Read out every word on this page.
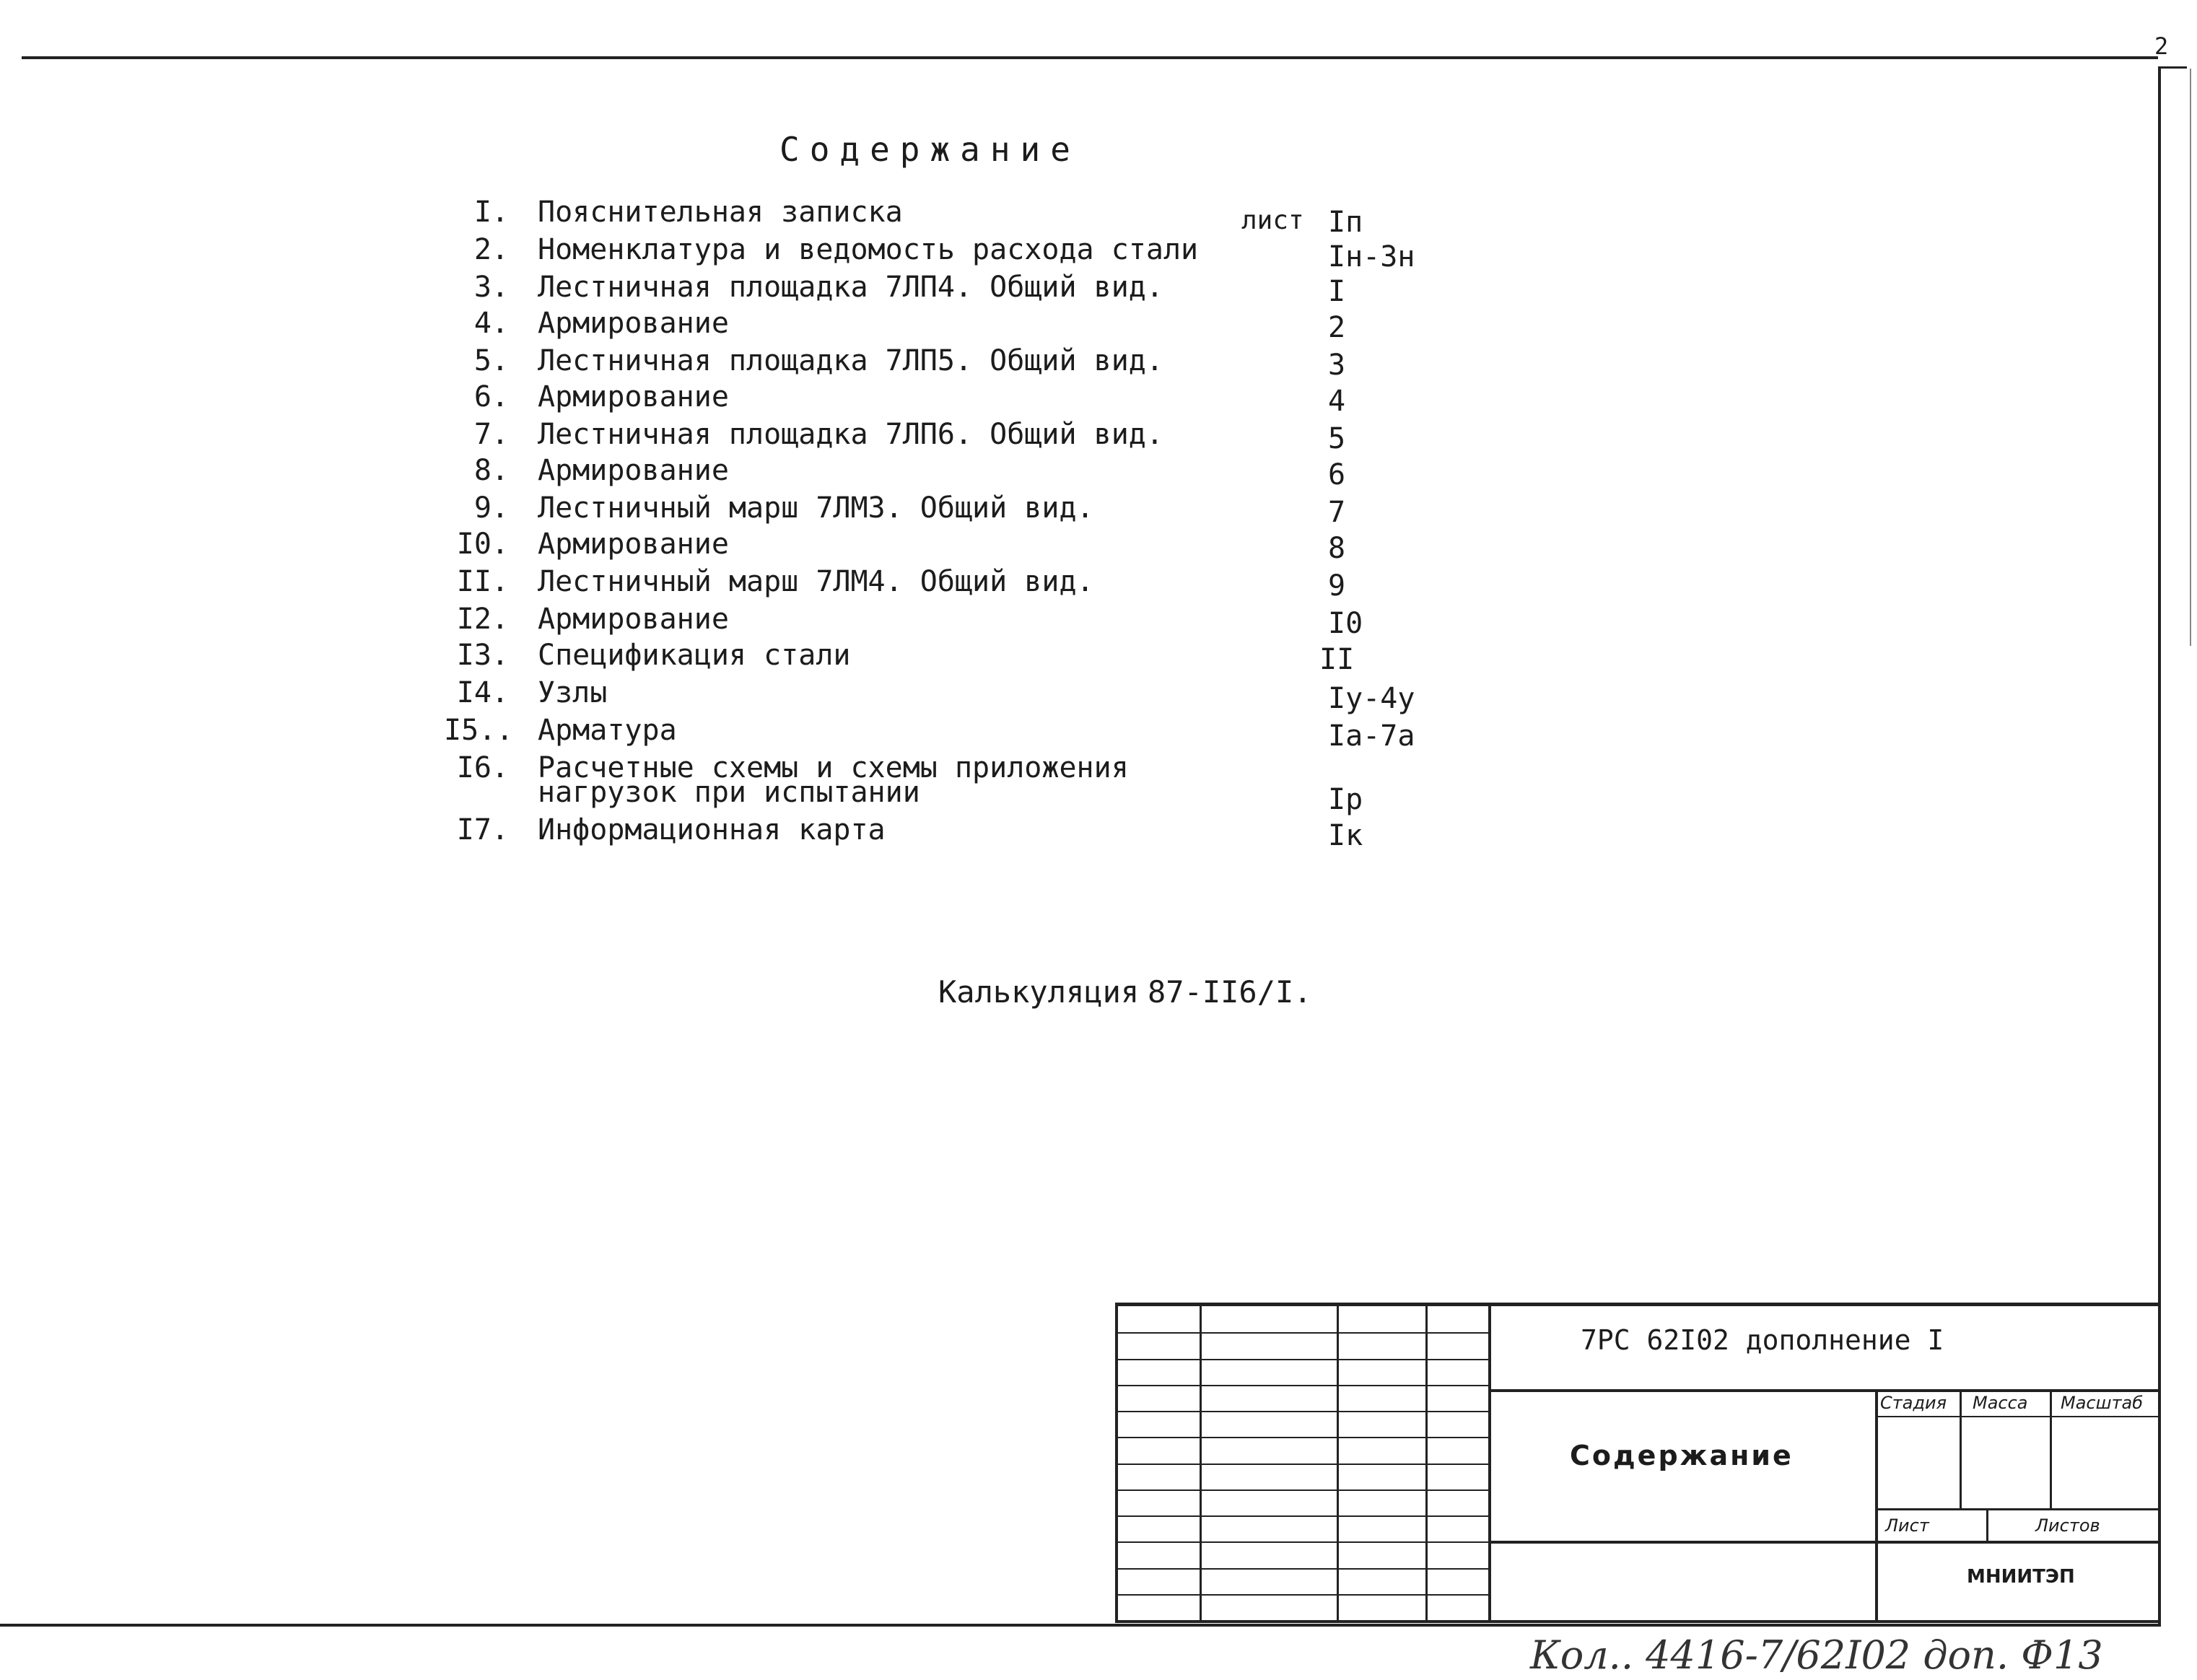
2
Содержание
лист
I. Пояснительная записка	Iп
2. Номенклатура и ведомость расхода стали	Iн-3н
3. Лестничная площадка 7ЛП4. Общий вид.	I
4. Армирование	2
5. Лестничная площадка 7ЛП5. Общий вид.	3
6. Армирование	4
7. Лестничная площадка 7ЛП6. Общий вид.	5
8. Армирование	6
9. Лестничный марш 7ЛМ3. Общий вид.	7
I0. Армирование	8
II. Лестничный марш 7ЛМ4. Общий вид.	9
I2. Армирование	I0
I3. Спецификация стали	II
I4. Узлы	Iу-4у
I5.. Арматура	Iа-7а
I6. Расчетные схемы и схемы приложения
нагрузок при испытании	Iр
I7. Информационная карта	Iк
Калькуляция 87-II6/I.
7РС 62I02 дополнение I
Содержание
Стадия Масса Масштаб
Лист	Листов
МНИИТЭП
Кол.. 4416-7/62I02 доп. Ф13
